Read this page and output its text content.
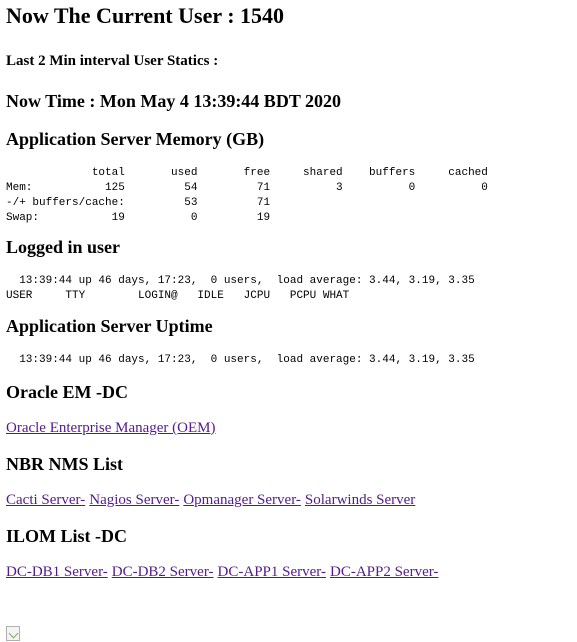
Now The Current User : 1540
Last 2 Min interval User Statics :
Now Time : Mon May 4 13:39:44 BDT 2020
Application Server Memory (GB)
total       used       free     shared    buffers     cached
Mem:           125         54         71          3          0          0
-/+ buffers/cache:         53         71
Swap:           19          0         19
Logged in user
13:39:44 up 46 days, 17:23,  0 users,  load average: 3.44, 3.19, 3.35
USER     TTY        LOGIN@   IDLE   JCPU   PCPU WHAT
Application Server Uptime
13:39:44 up 46 days, 17:23,  0 users,  load average: 3.44, 3.19, 3.35
Oracle EM -DC
Oracle Enterprise Manager (OEM)
NBR NMS List
Cacti Server- Nagios Server- Opmanager Server- Solarwinds Server
ILOM List -DC
DC-DB1 Server- DC-DB2 Server- DC-APP1 Server- DC-APP2 Server-
